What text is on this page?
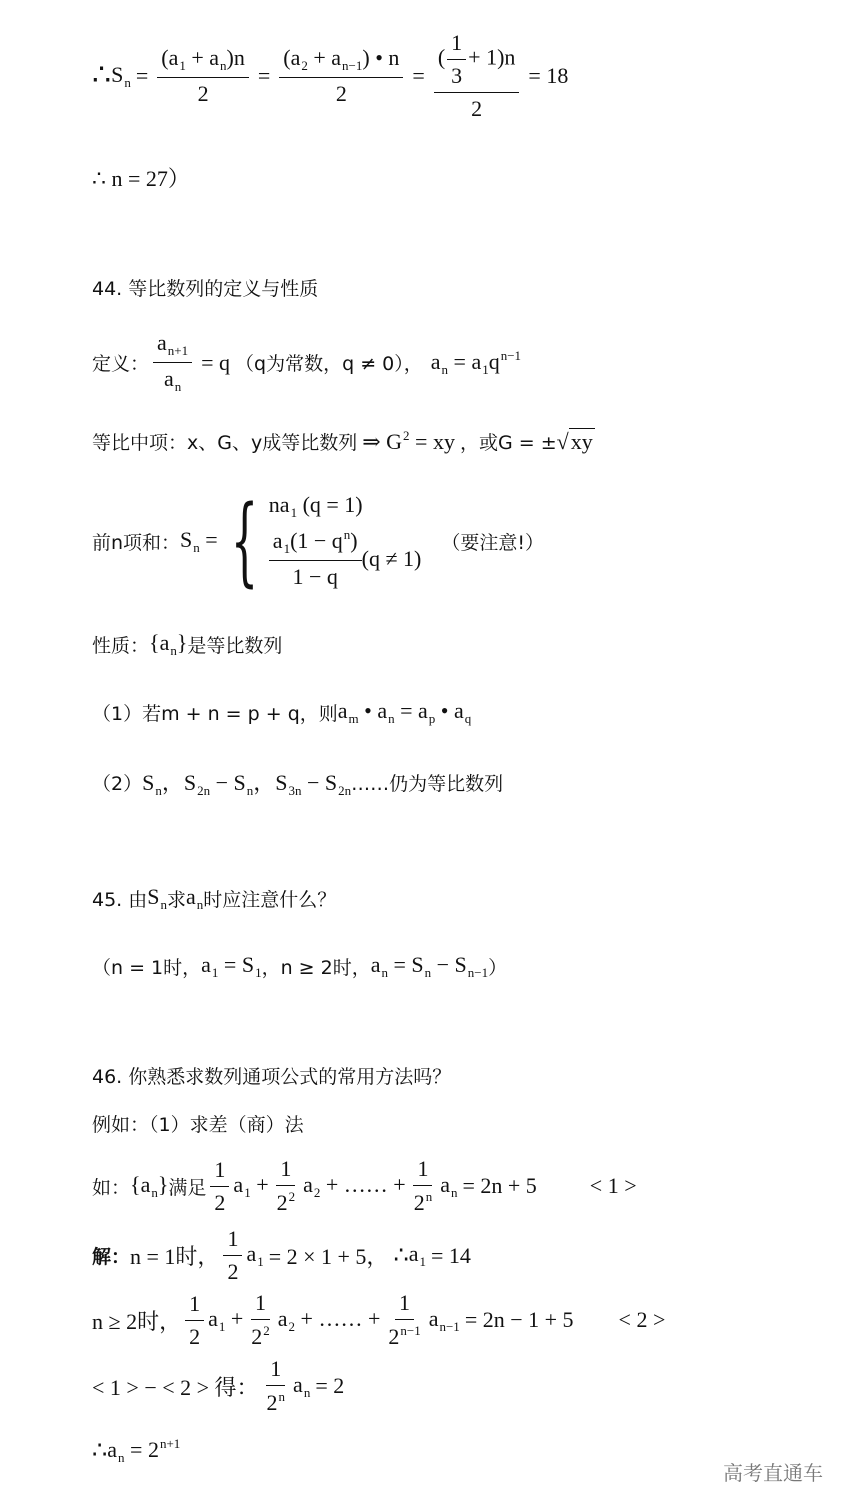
∴ $S_n = \frac{(a_1 + a_n)n}{2} = \frac{(a_2 + a_{n-1}) • n}{2} = \frac{( \frac{1}{3} + 1)n}{2} = 18$
∴ n = 27）
44. 等比数列的定义与性质
定义： $\frac{a_{n+1}}{a_n} = q$ （q为常数，q ≠ 0）， $a_n = a_1q^{n-1}$
等比中项：x、G、y成等比数列 ⇒ $G^2$ = xy ，或G = ± √ xy
前n项和： $S_n$ = { $na_1$ (q = 1)
$\frac{a_1(1 - q^n)}{1 - q} (q \ne 1)$
（要注意!）
性质： $\{a_n\}$ 是等比数列
（1）若m + n = p + q，则 $a_m$ • $a_n = a_p$ • $a_q$
（2） $S_n$，$S_{2n} - S_n$，$S_{3n} - S_{2n}$ ……仍为等比数列
45. 由 $S_n$ 求 $a_n$ 时应注意什么？
（n = 1时， $a_1 = S_1$ ，n ≥ 2时， $a_n = S_n - S_{n-1}$ ）
46. 你熟悉求数列通项公式的常用方法吗？
例如：（1）求差（商）法
如： $\{a_n\}$ 满足 $\frac{1}{2} a_1 + \frac{1}{2^2} a_2$ + …… + $\frac{1}{2^n} a_n = 2n + 5 < 1$ >
解： n = 1时， $\frac{1}{2} a_1 = 2 \times 1 + 5$， ∴ $a_1 = 14$
n ≥ 2时， $\frac{1}{2} a_1 + \frac{1}{2^2} a_2$ + …… + $\frac{1}{2^{n-1}} a_{n-1} = 2n - 1 + 5 < 2$ >
< 1 > − < 2 > 得： $\frac{1}{2^n} a_n = 2$
∴ $a_n = 2^{n+1}$
高考直通车
